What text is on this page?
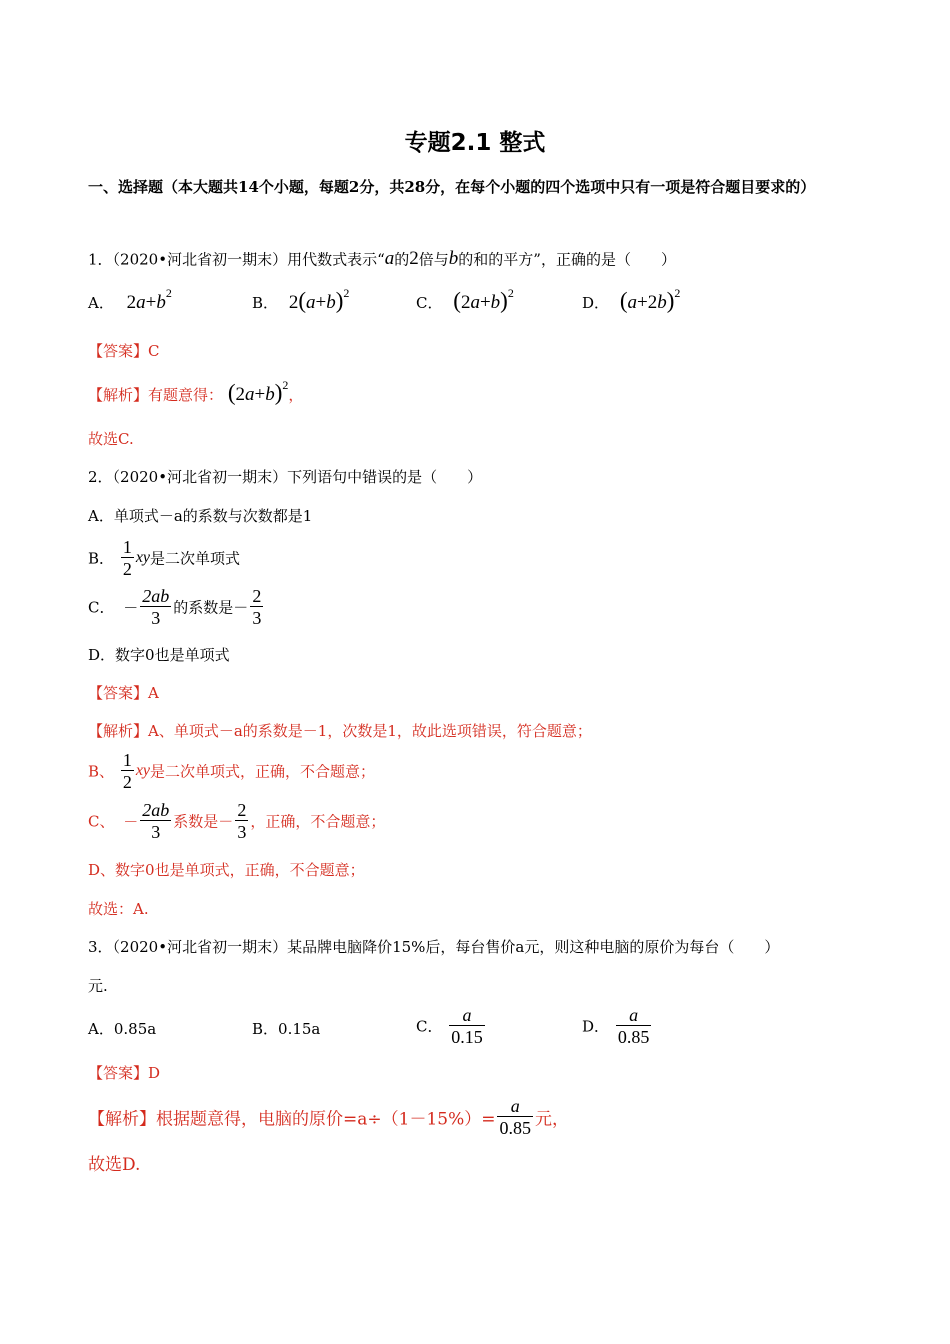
专题2.1 整式
一、选择题（本大题共14个小题，每题2分，共28分，在每个小题的四个选项中只有一项是符合题目要求的）
1．（2020•河北省初一期末）用代数式表示“a的2倍与b的和的平方”，正确的是（　　）
A． $2a+b^2$
B． $2(a+b)^2$
C． $(2a+b)^2$
D． $(a+2b)^2$
【答案】C
【解析】有题意得： $(2a+b)^2$，
故选C.
2．（2020•河北省初一期末）下列语句中错误的是（　　）
A．单项式－a的系数与次数都是1
B． $\frac{1}{2}$ xy是二次单项式
C． － $\frac{2ab}{3}$ 的系数是－ $\frac{2}{3}$
D．数字0也是单项式
【答案】A
【解析】A、单项式－a的系数是－1，次数是1，故此选项错误，符合题意；
B、 $\frac{1}{2}$ xy是二次单项式，正确，不合题意；
C、 － $\frac{2ab}{3}$ 系数是－ $\frac{2}{3}$ ，正确，不合题意；
D、数字0也是单项式，正确，不合题意；
故选：A.
3．（2020•河北省初一期末）某品牌电脑降价15%后，每台售价a元，则这种电脑的原价为每台（　　）
元.
A．0.85a	B．0.15a	C． $\frac{a}{0.15}$	D． $\frac{a}{0.85}$
【答案】D
【解析】根据题意得，电脑的原价$=a\div(1-15\%)= \frac{a}{0.85}$ 元，
故选D.
